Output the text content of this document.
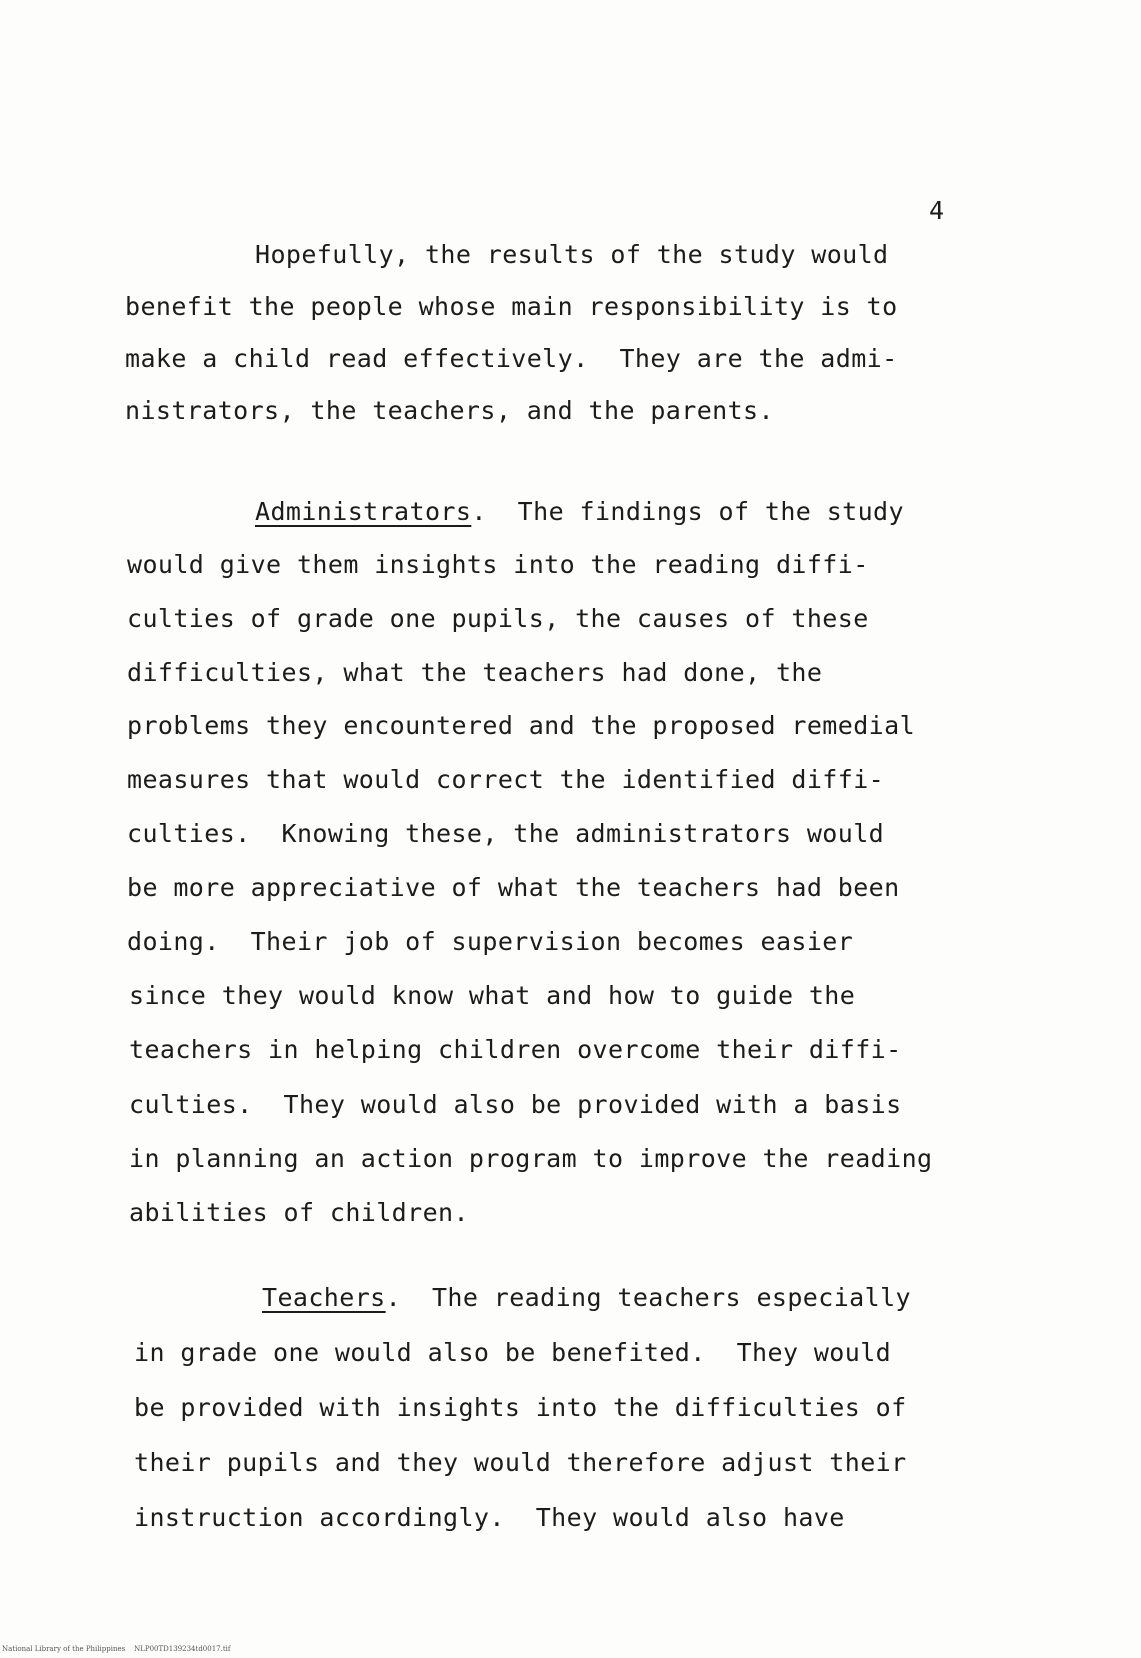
4
Hopefully, the results of the study would
benefit the people whose main responsibility is to
make a child read effectively.  They are the admi-
nistrators, the teachers, and the parents.
Administrators.  The findings of the study
would give them insights into the reading diffi-
culties of grade one pupils, the causes of these
difficulties, what the teachers had done, the
problems they encountered and the proposed remedial
measures that would correct the identified diffi-
culties.  Knowing these, the administrators would
be more appreciative of what the teachers had been
doing.  Their job of supervision becomes easier
since they would know what and how to guide the
teachers in helping children overcome their diffi-
culties.  They would also be provided with a basis
in planning an action program to improve the reading
abilities of children.
Teachers.  The reading teachers especially
in grade one would also be benefited.  They would
be provided with insights into the difficulties of
their pupils and they would therefore adjust their
instruction accordingly.  They would also have
National Library of the Philippines    NLP00TD139234td0017.tif
